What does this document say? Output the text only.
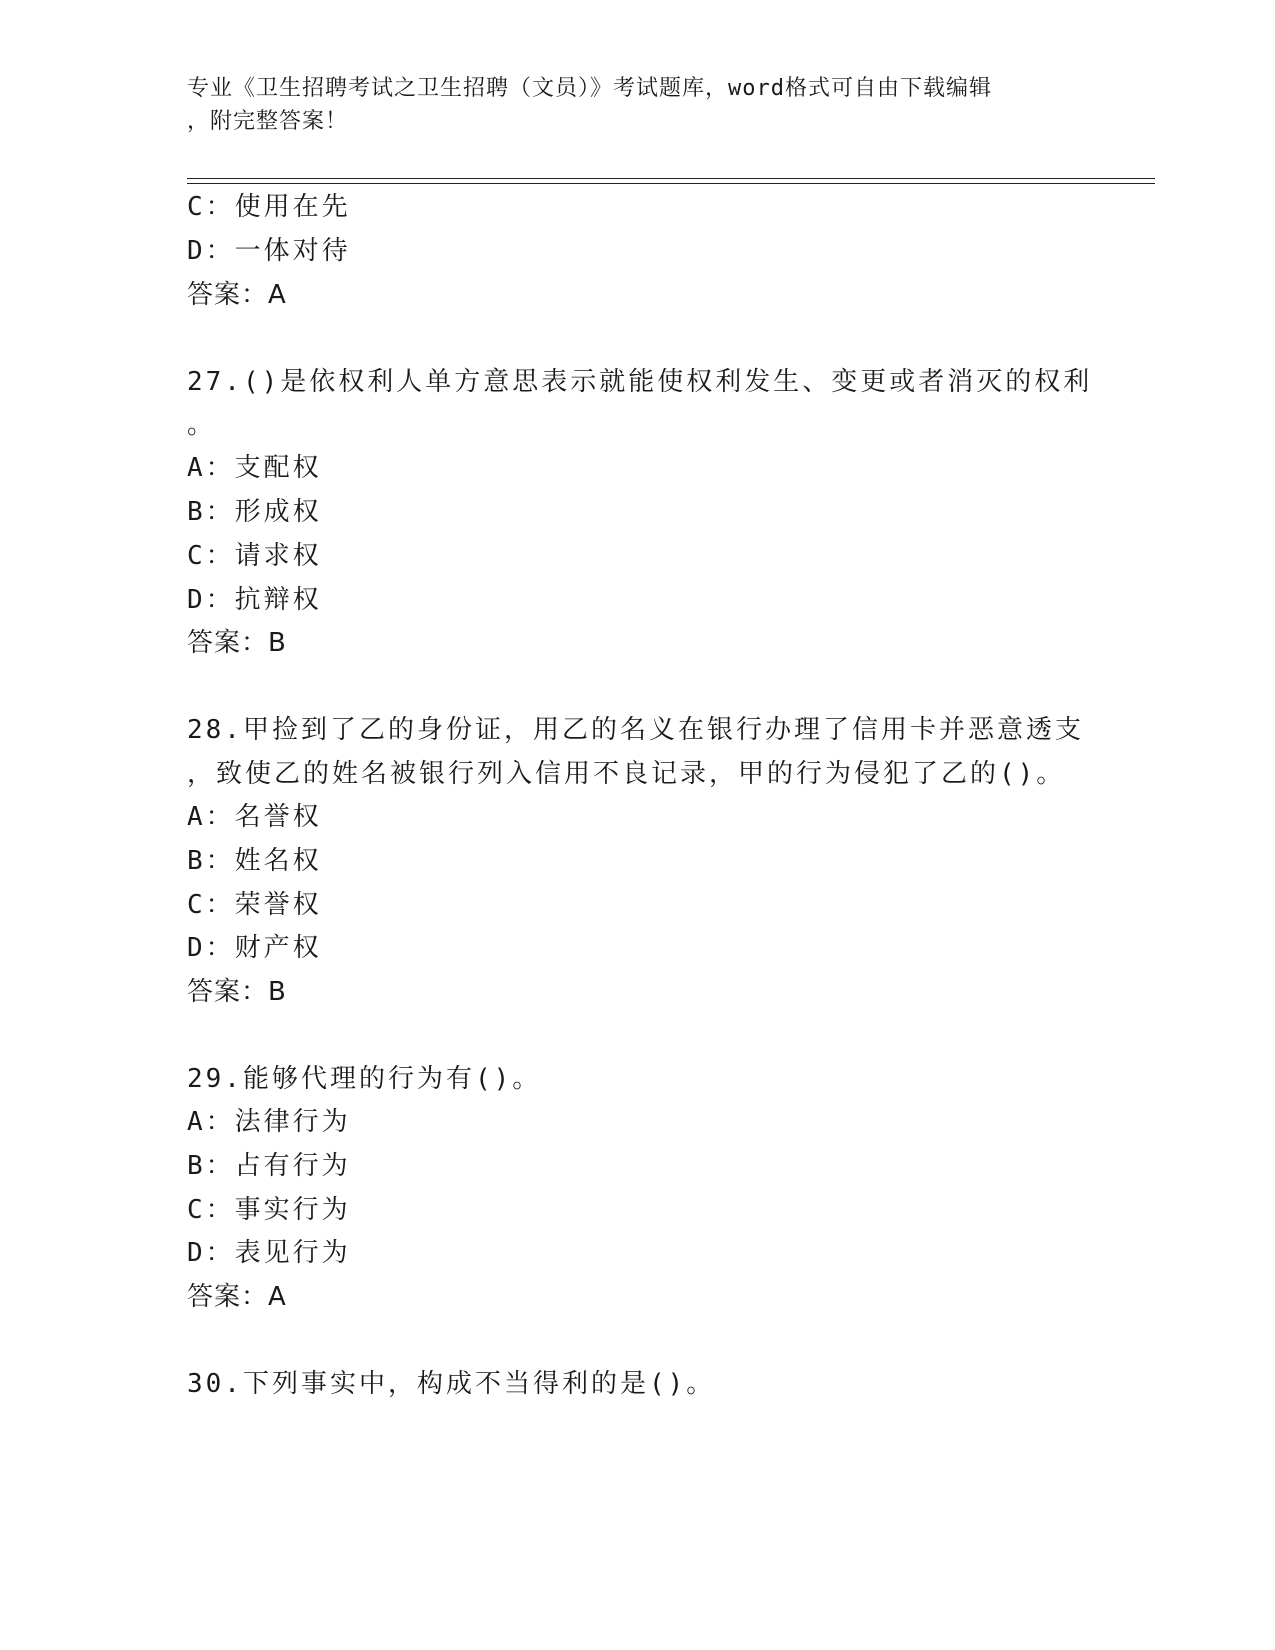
专业《卫生招聘考试之卫生招聘（文员）》考试题库，word格式可自由下载编辑
，附完整答案！
C：使用在先
D：一体对待
答案：A
27.()是依权利人单方意思表示就能使权利发生、变更或者消灭的权利
。
A：支配权
B：形成权
C：请求权
D：抗辩权
答案：B
28.甲捡到了乙的身份证，用乙的名义在银行办理了信用卡并恶意透支
，致使乙的姓名被银行列入信用不良记录，甲的行为侵犯了乙的()。
A：名誉权
B：姓名权
C：荣誉权
D：财产权
答案：B
29.能够代理的行为有()。
A：法律行为
B：占有行为
C：事实行为
D：表见行为
答案：A
30.下列事实中，构成不当得利的是()。
